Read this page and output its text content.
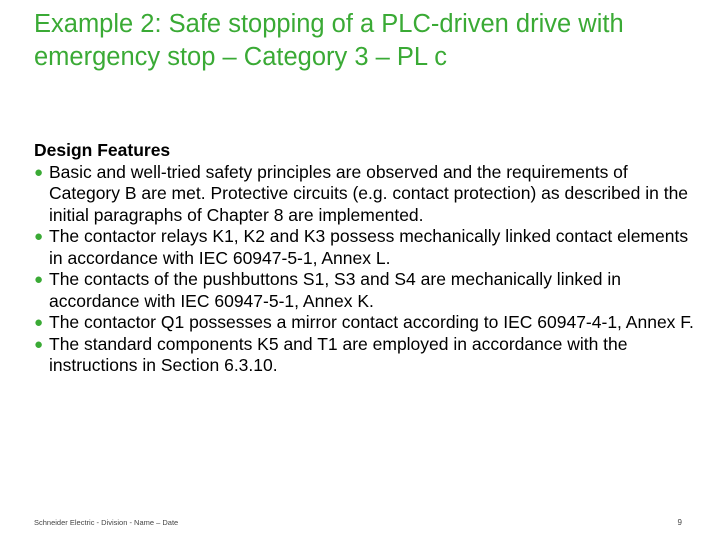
Example 2: Safe stopping of a PLC-driven drive with emergency stop – Category 3 – PL c

Design Features

● Basic and well-tried safety principles are observed and the requirements of Category B are met. Protective circuits (e.g. contact protection) as described in the initial paragraphs of Chapter 8 are implemented.
● The contactor relays K1, K2 and K3 possess mechanically linked contact elements in accordance with IEC 60947-5-1, Annex L.
● The contacts of the pushbuttons S1, S3 and S4 are mechanically linked in accordance with IEC 60947-5-1, Annex K.
● The contactor Q1 possesses a mirror contact according to IEC 60947-4-1, Annex F.
● The standard components K5 and T1 are employed in accordance with the instructions in Section 6.3.10.
Schneider Electric - Division - Name – Date	9
